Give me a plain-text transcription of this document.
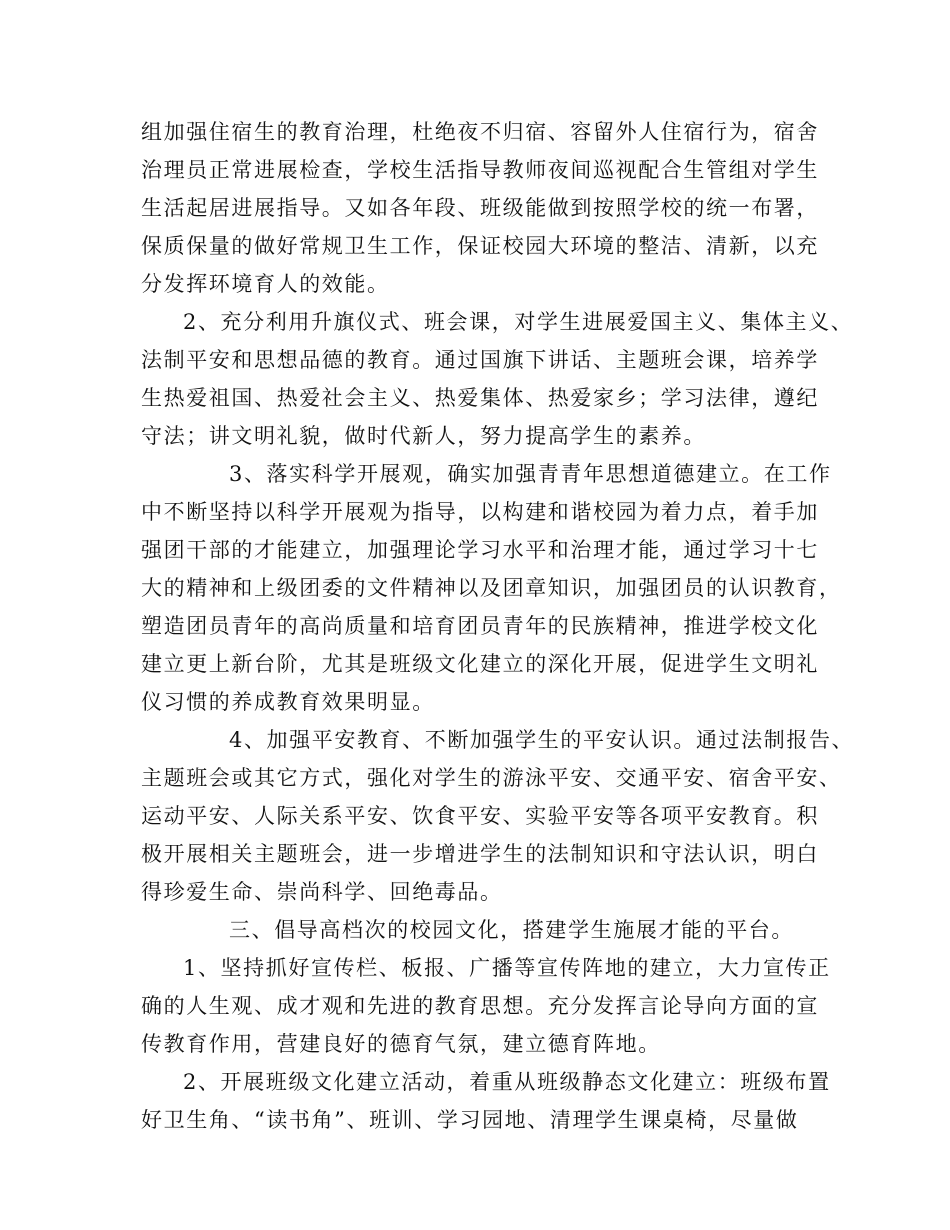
组加强住宿生的教育治理，杜绝夜不归宿、容留外人住宿行为，宿舍
治理员正常进展检查，学校生活指导教师夜间巡视配合生管组对学生
生活起居进展指导。又如各年段、班级能做到按照学校的统一布署，
保质保量的做好常规卫生工作，保证校园大环境的整洁、清新，以充
分发挥环境育人的效能。
2、充分利用升旗仪式、班会课，对学生进展爱国主义、集体主义、
法制平安和思想品德的教育。通过国旗下讲话、主题班会课，培养学
生热爱祖国、热爱社会主义、热爱集体、热爱家乡；学习法律，遵纪
守法；讲文明礼貌，做时代新人，努力提高学生的素养。
3、落实科学开展观，确实加强青青年思想道德建立。在工作
中不断坚持以科学开展观为指导，以构建和谐校园为着力点，着手加
强团干部的才能建立，加强理论学习水平和治理才能，通过学习十七
大的精神和上级团委的文件精神以及团章知识，加强团员的认识教育，
塑造团员青年的高尚质量和培育团员青年的民族精神，推进学校文化
建立更上新台阶，尤其是班级文化建立的深化开展，促进学生文明礼
仪习惯的养成教育效果明显。
4、加强平安教育、不断加强学生的平安认识。通过法制报告、
主题班会或其它方式，强化对学生的游泳平安、交通平安、宿舍平安、
运动平安、人际关系平安、饮食平安、实验平安等各项平安教育。积
极开展相关主题班会，进一步增进学生的法制知识和守法认识，明白
得珍爱生命、崇尚科学、回绝毒品。
三、倡导高档次的校园文化，搭建学生施展才能的平台。
1、坚持抓好宣传栏、板报、广播等宣传阵地的建立，大力宣传正
确的人生观、成才观和先进的教育思想。充分发挥言论导向方面的宣
传教育作用，营建良好的德育气氛，建立德育阵地。
2、开展班级文化建立活动，着重从班级静态文化建立：班级布置
好卫生角、“读书角”、班训、学习园地、清理学生课桌椅，尽量做
